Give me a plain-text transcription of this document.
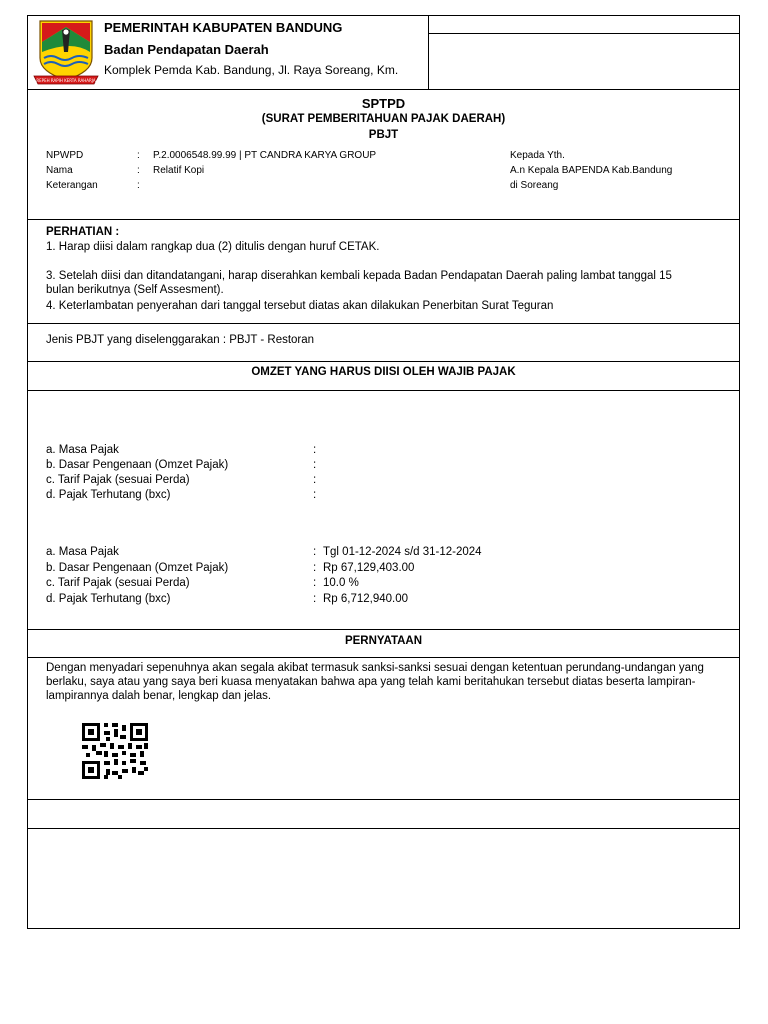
REPEH RAPIH KERTA RAHARJA
PEMERINTAH KABUPATEN BANDUNG
Badan Pendapatan Daerah
Komplek Pemda Kab. Bandung, Jl. Raya Soreang, Km.
SPTPD
(SURAT PEMBERITAHUAN PAJAK DAERAH)
PBJT
NPWPD	: P.2.0006548.99.99 | PT CANDRA KARYA GROUP
Nama	: Relatif Kopi
Keterangan	:
Kepada Yth.
A.n Kepala BAPENDA Kab.Bandung
di Soreang
PERHATIAN :
1. Harap diisi dalam rangkap dua (2) ditulis dengan huruf CETAK.
3. Setelah diisi dan ditandatangani, harap diserahkan kembali kepada Badan Pendapatan Daerah paling lambat tanggal 15 bulan berikutnya (Self Assesment).
4. Keterlambatan penyerahan dari tanggal tersebut diatas akan dilakukan Penerbitan Surat Teguran
Jenis PBJT yang diselenggarakan : PBJT - Restoran
OMZET YANG HARUS DIISI OLEH WAJIB PAJAK
a. Masa Pajak	:
b. Dasar Pengenaan (Omzet Pajak)	:
c. Tarif Pajak (sesuai Perda)	:
d. Pajak Terhutang (bxc)	:
a. Masa Pajak	: Tgl 01-12-2024 s/d 31-12-2024
b. Dasar Pengenaan (Omzet Pajak)	: Rp 67,129,403.00
c. Tarif Pajak (sesuai Perda)	: 10.0 %
d. Pajak Terhutang (bxc)	: Rp 6,712,940.00
PERNYATAAN
Dengan menyadari sepenuhnya akan segala akibat termasuk sanksi-sanksi sesuai dengan ketentuan perundang-undangan yang berlaku, saya atau yang saya beri kuasa menyatakan bahwa apa yang telah kami beritahukan tersebut diatas beserta lampiran-lampirannya dalah benar, lengkap dan jelas.
